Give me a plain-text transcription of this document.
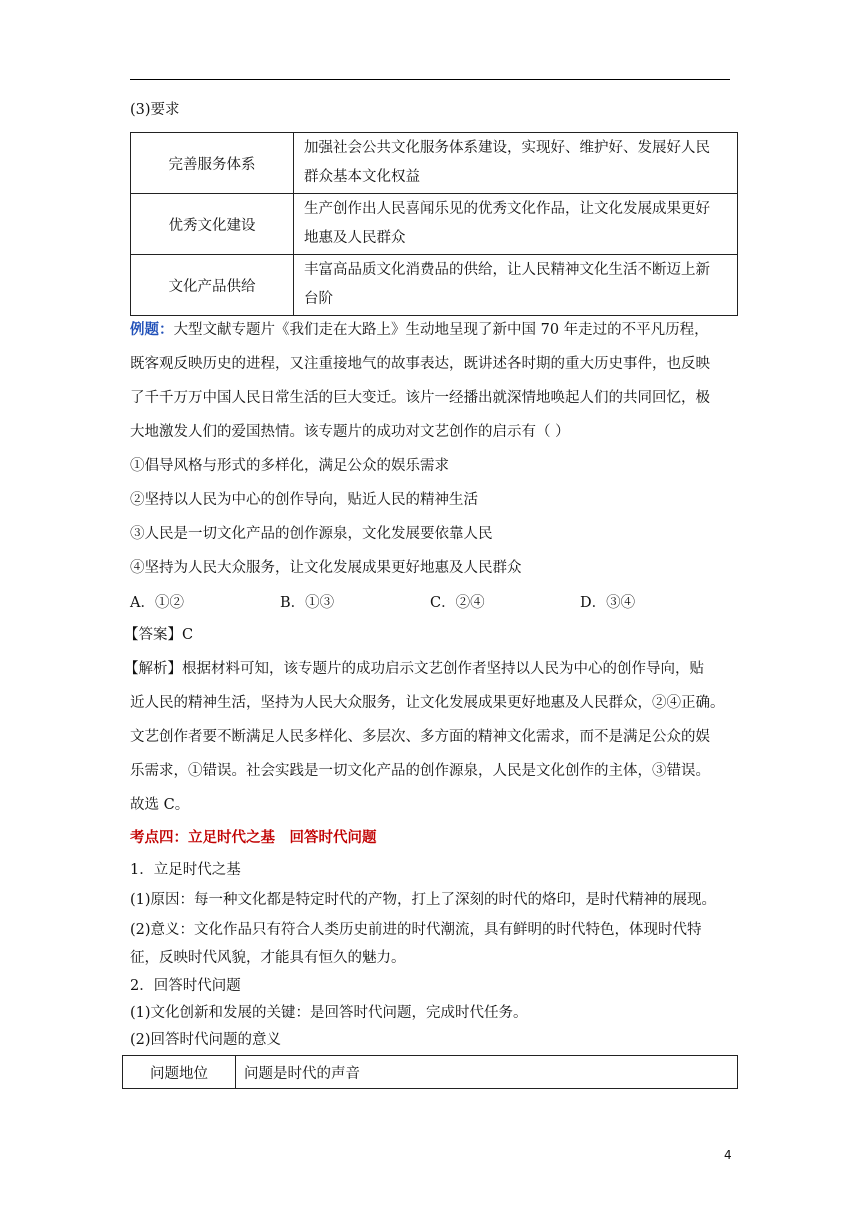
(3)要求
完善服务体系	加强社会公共文化服务体系建设，实现好、维护好、发展好人民
群众基本文化权益
优秀文化建设	生产创作出人民喜闻乐见的优秀文化作品，让文化发展成果更好
地惠及人民群众
文化产品供给	丰富高品质文化消费品的供给，让人民精神文化生活不断迈上新
台阶
例题：大型文献专题片《我们走在大路上》生动地呈现了新中国 70 年走过的不平凡历程，
既客观反映历史的进程，又注重接地气的故事表达，既讲述各时期的重大历史事件，也反映
了千千万万中国人民日常生活的巨大变迁。该片一经播出就深情地唤起人们的共同回忆，极
大地激发人们的爱国热情。该专题片的成功对文艺创作的启示有（ ）
①倡导风格与形式的多样化，满足公众的娱乐需求
②坚持以人民为中心的创作导向，贴近人民的精神生活
③人民是一切文化产品的创作源泉，文化发展要依靠人民
④坚持为人民大众服务，让文化发展成果更好地惠及人民群众
A．①②	B．①③	C．②④	D．③④
【答案】C
【解析】根据材料可知，该专题片的成功启示文艺创作者坚持以人民为中心的创作导向，贴
近人民的精神生活，坚持为人民大众服务，让文化发展成果更好地惠及人民群众，②④正确。
文艺创作者要不断满足人民多样化、多层次、多方面的精神文化需求，而不是满足公众的娱
乐需求，①错误。社会实践是一切文化产品的创作源泉，人民是文化创作的主体，③错误。
故选 C。
考点四：立足时代之基　回答时代问题
1．立足时代之基
(1)原因：每一种文化都是特定时代的产物，打上了深刻的时代的烙印，是时代精神的展现。
(2)意义：文化作品只有符合人类历史前进的时代潮流，具有鲜明的时代特色，体现时代特
征，反映时代风貌，才能具有恒久的魅力。
2．回答时代问题
(1)文化创新和发展的关键：是回答时代问题，完成时代任务。
(2)回答时代问题的意义
问题地位	问题是时代的声音
4
